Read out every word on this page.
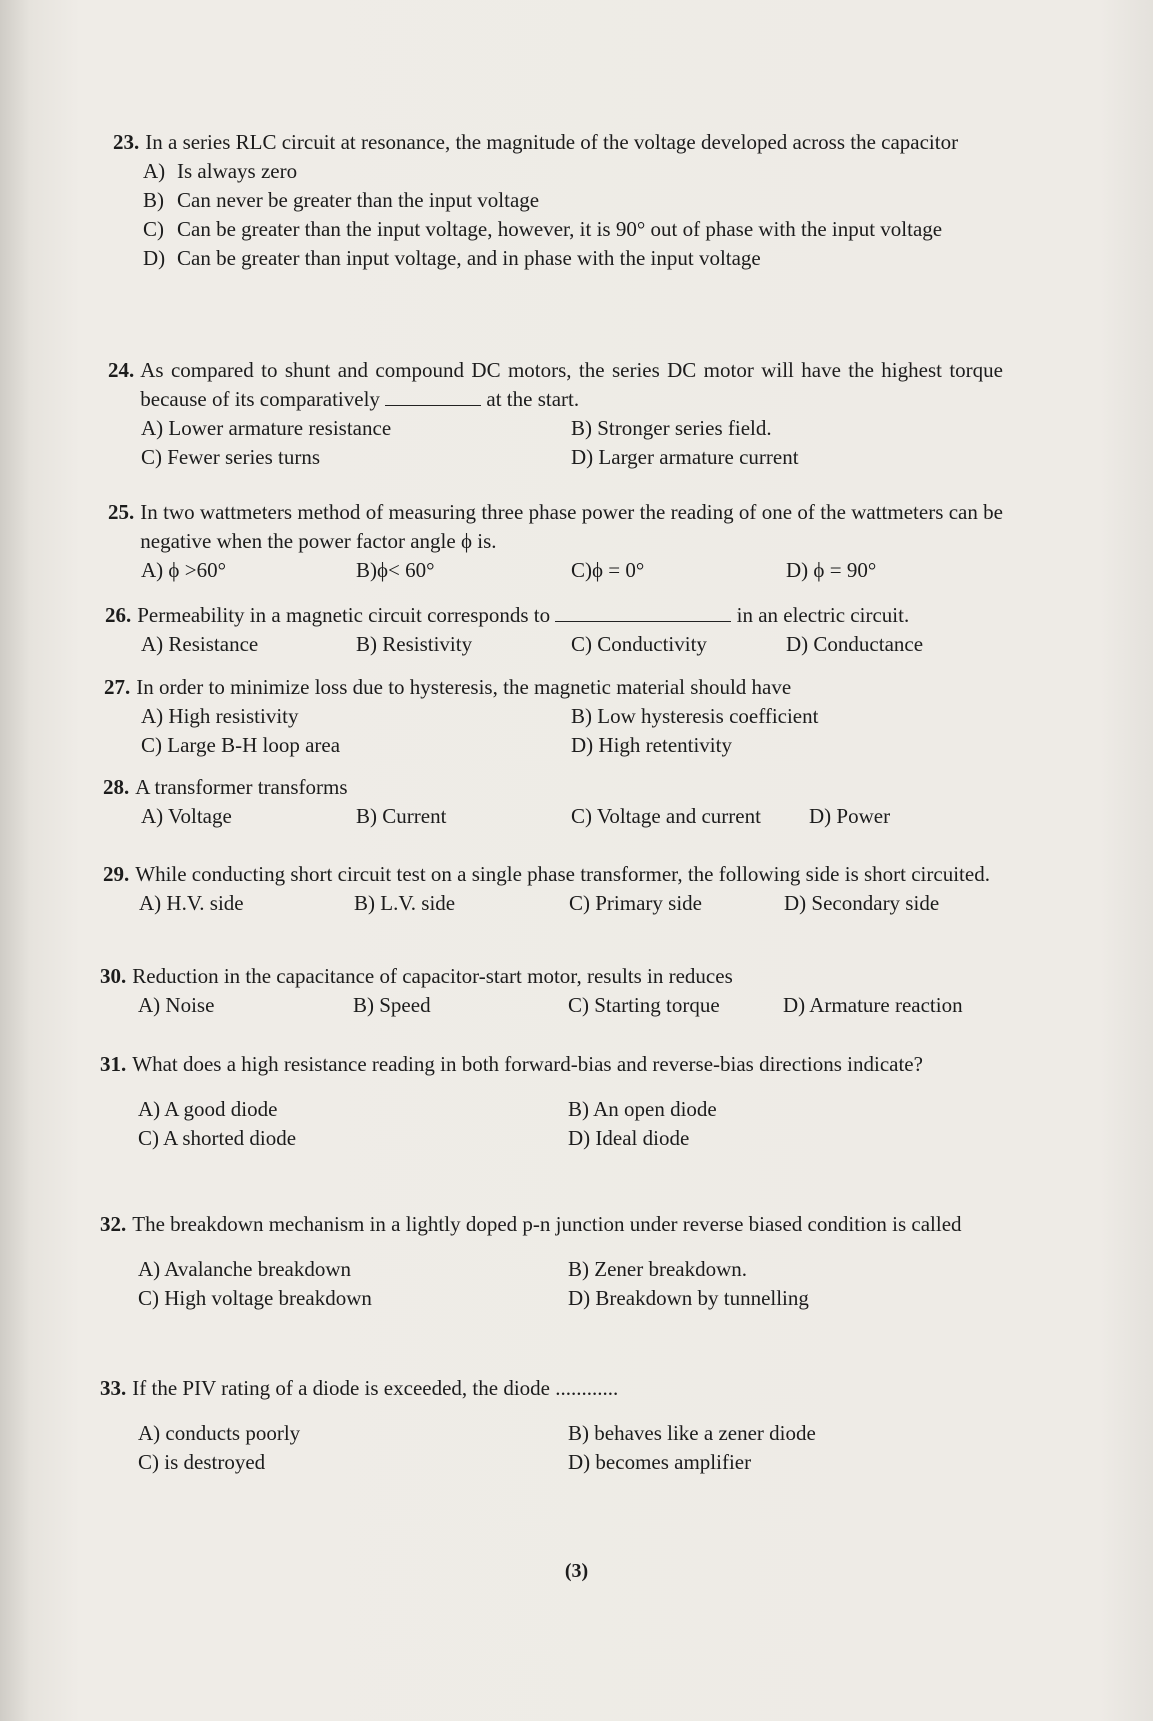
23. In a series RLC circuit at resonance, the magnitude of the voltage developed across the capacitor
A) Is always zero
B) Can never be greater than the input voltage
C) Can be greater than the input voltage, however, it is 90° out of phase with the input voltage
D) Can be greater than input voltage, and in phase with the input voltage
24. As compared to shunt and compound DC motors, the series DC motor will have the highest torque because of its comparatively	at the start.
A) Lower armature resistance	B) Stronger series field.
C) Fewer series turns	D) Larger armature current
25. In two wattmeters method of measuring three phase power the reading of one of the wattmeters can be negative when the power factor angle ϕ is.
A) ϕ >60°	B)ϕ< 60°	C)ϕ = 0°	D) ϕ = 90°
26. Permeability in a magnetic circuit corresponds to	in an electric circuit.
A) Resistance	B) Resistivity	C) Conductivity	D) Conductance
27. In order to minimize loss due to hysteresis, the magnetic material should have
A) High resistivity	B) Low hysteresis coefficient
C) Large B-H loop area	D) High retentivity
28. A transformer transforms
A) Voltage	B) Current	C) Voltage and current	D) Power
29. While conducting short circuit test on a single phase transformer, the following side is short circuited.
A) H.V. side	B) L.V. side	C) Primary side	D) Secondary side
30. Reduction in the capacitance of capacitor-start motor, results in reduces
A) Noise	B) Speed	C) Starting torque	D) Armature reaction
31. What does a high resistance reading in both forward-bias and reverse-bias directions indicate?
A) A good diode	B) An open diode
C) A shorted diode	D) Ideal diode
32. The breakdown mechanism in a lightly doped p-n junction under reverse biased condition is called
A) Avalanche breakdown	B) Zener breakdown.
C) High voltage breakdown	D) Breakdown by tunnelling
33. If the PIV rating of a diode is exceeded, the diode ............
A) conducts poorly	B) behaves like a zener diode
C) is destroyed	D) becomes amplifier
(3)
